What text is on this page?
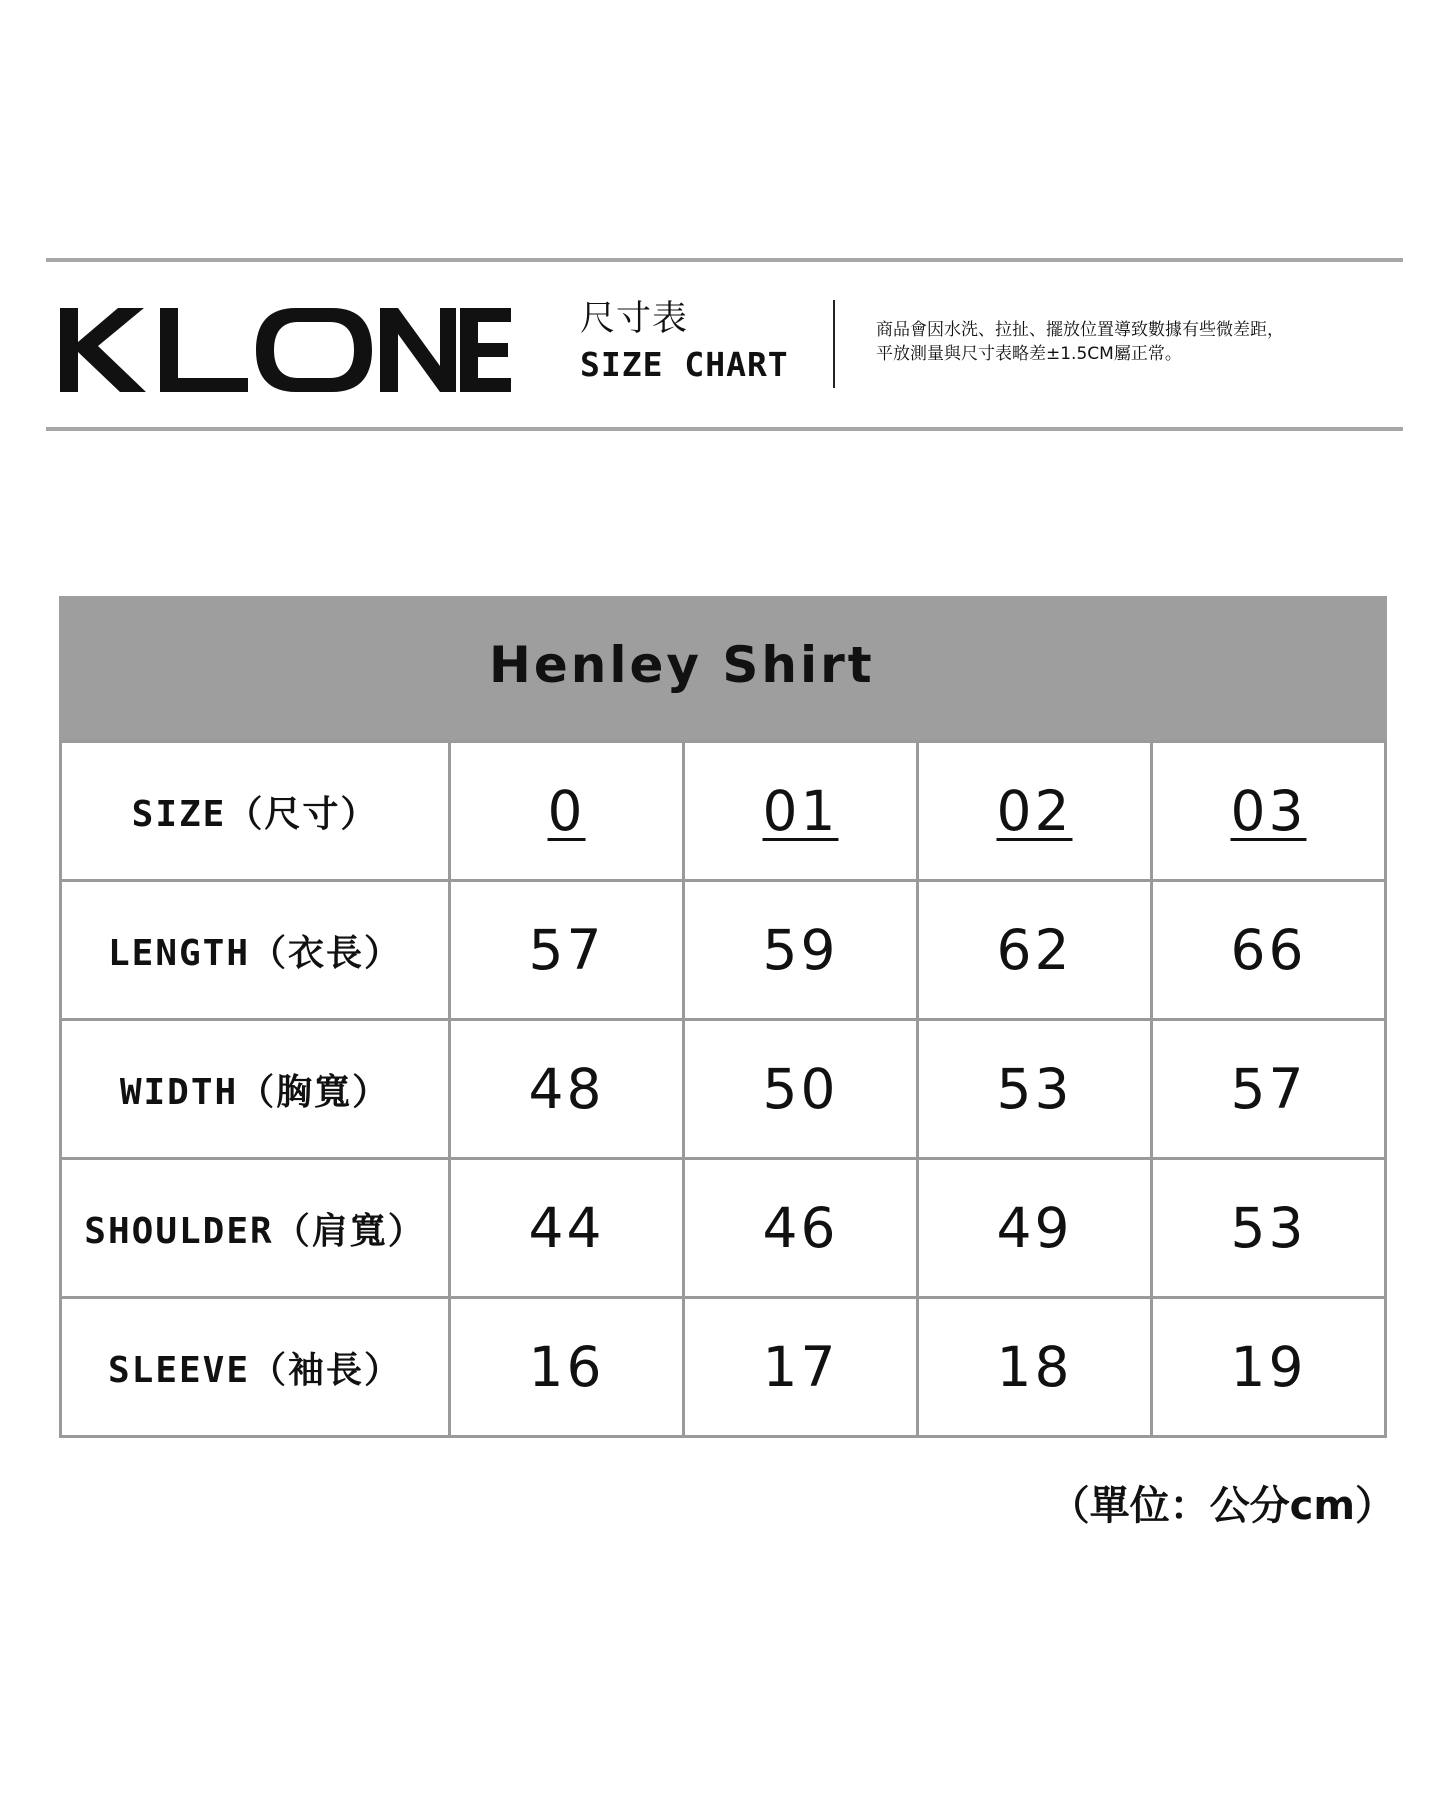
尺寸表
SIZE CHART
商品會因水洗、拉扯、擺放位置導致數據有些微差距，
平放測量與尺寸表略差±1.5CM屬正常。
Henley Shirt
SIZE（尺寸）	0	01	02	03
LENGTH（衣長）	57	59	62	66
WIDTH（胸寬）	48	50	53	57
SHOULDER（肩寬）	44	46	49	53
SLEEVE（袖長）	16	17	18	19
（單位：公分cm）
